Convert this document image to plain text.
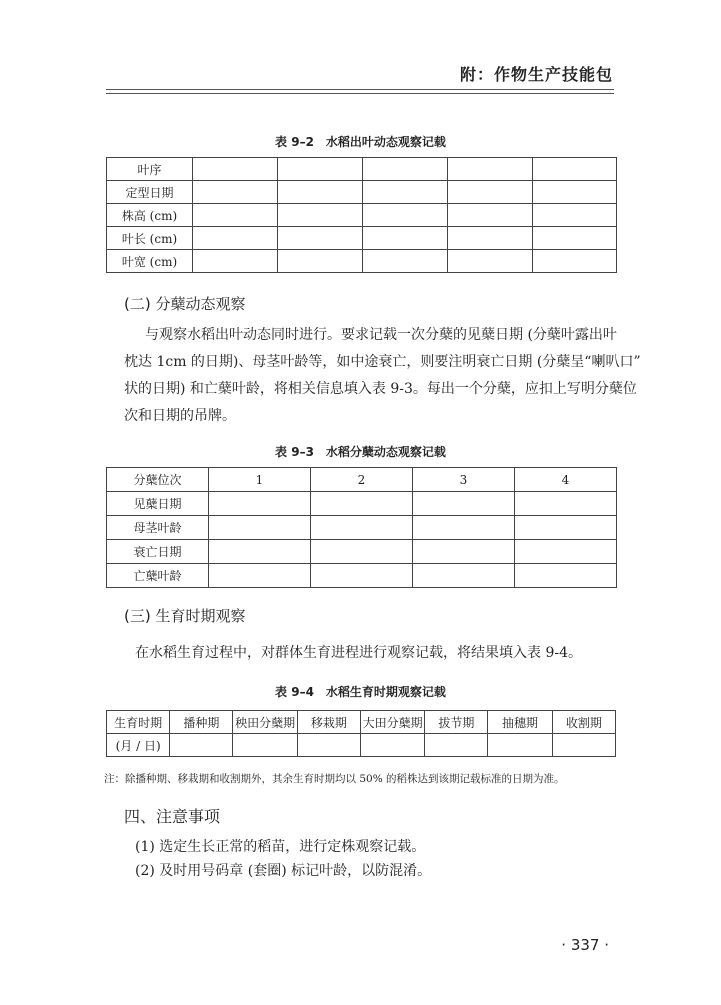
附：作物生产技能包
表 9–2　水稻出叶动态观察记载
叶序					
定型日期					
株高 (cm)					
叶长 (cm)					
叶宽 (cm)					
(二) 分蘖动态观察
与观察水稻出叶动态同时进行。要求记载一次分蘖的见蘖日期 (分蘖叶露出叶
枕达 1cm 的日期)、母茎叶龄等，如中途衰亡，则要注明衰亡日期 (分蘖呈“喇叭口”
状的日期) 和亡蘖叶龄，将相关信息填入表 9-3。每出一个分蘖，应扣上写明分蘖位
次和日期的吊牌。
表 9–3　水稻分蘖动态观察记载
分蘖位次	1	2	3	4
见蘖日期				
母茎叶龄				
衰亡日期				
亡蘖叶龄				
(三) 生育时期观察
在水稻生育过程中，对群体生育进程进行观察记载，将结果填入表 9-4。
表 9–4　水稻生育时期观察记载
生育时期	播种期	秧田分蘖期	移栽期	大田分蘖期	拔节期	抽穗期	收割期
(月 / 日)							
注：除播种期、移栽期和收割期外，其余生育时期均以 50% 的稻株达到该期记载标准的日期为准。
四、注意事项
(1) 选定生长正常的稻苗，进行定株观察记载。
(2) 及时用号码章 (套圈) 标记叶龄，以防混淆。
· 337 ·
